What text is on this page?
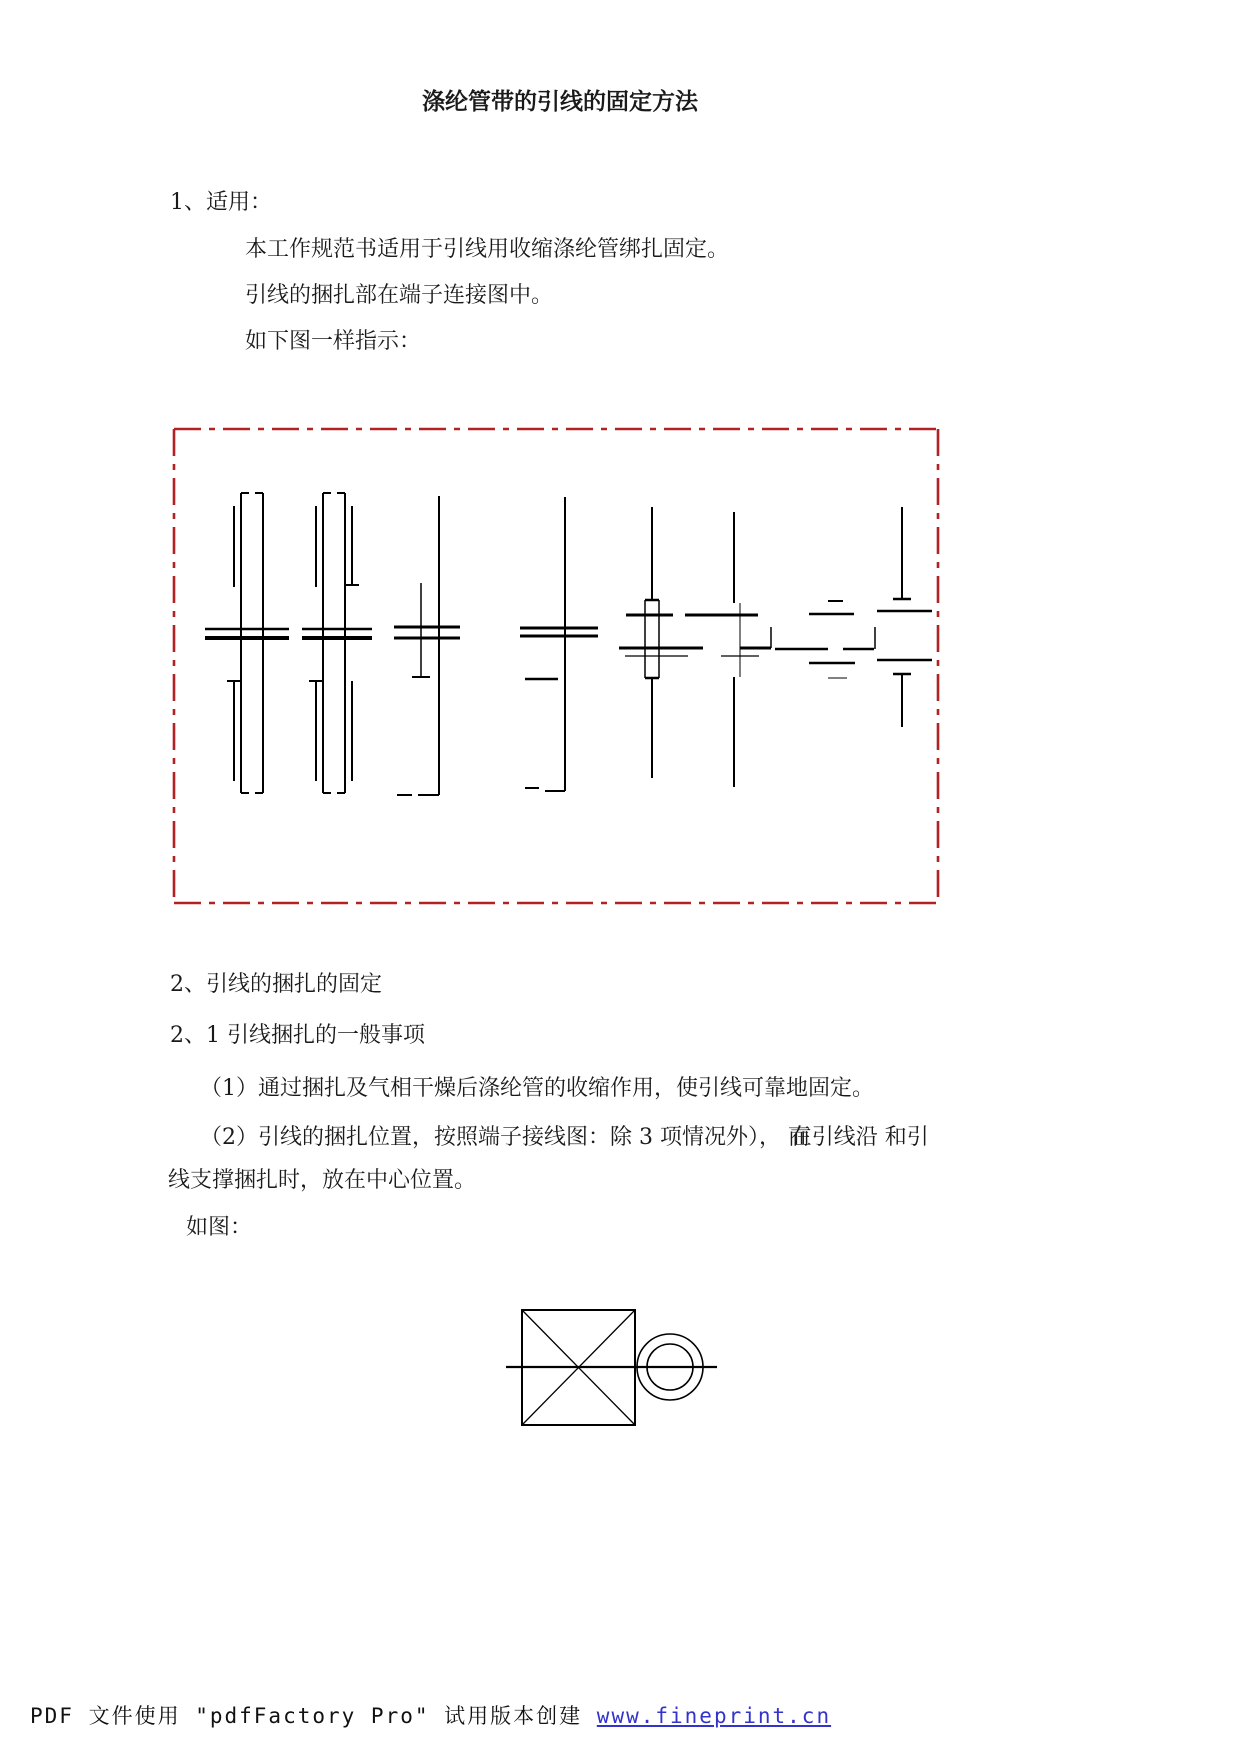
涤纶管带的引线的固定方法
1、适用：
本工作规范书适用于引线用收缩涤纶管绑扎固定。
引线的捆扎部在端子连接图中。
如下图一样指示：
2、引线的捆扎的固定
2、1 引线捆扎的一般事项
（1）通过捆扎及气相干燥后涤纶管的收缩作用，使引线可靠地固定。
（2）引线的捆扎位置，按照端子接线图：除 3 项情况外）， 而在引线沿 和引
线支撑捆扎时，放在中心位置。
如图：
PDF 文件使用 "pdfFactory Pro" 试用版本创建 www.fineprint.cn
